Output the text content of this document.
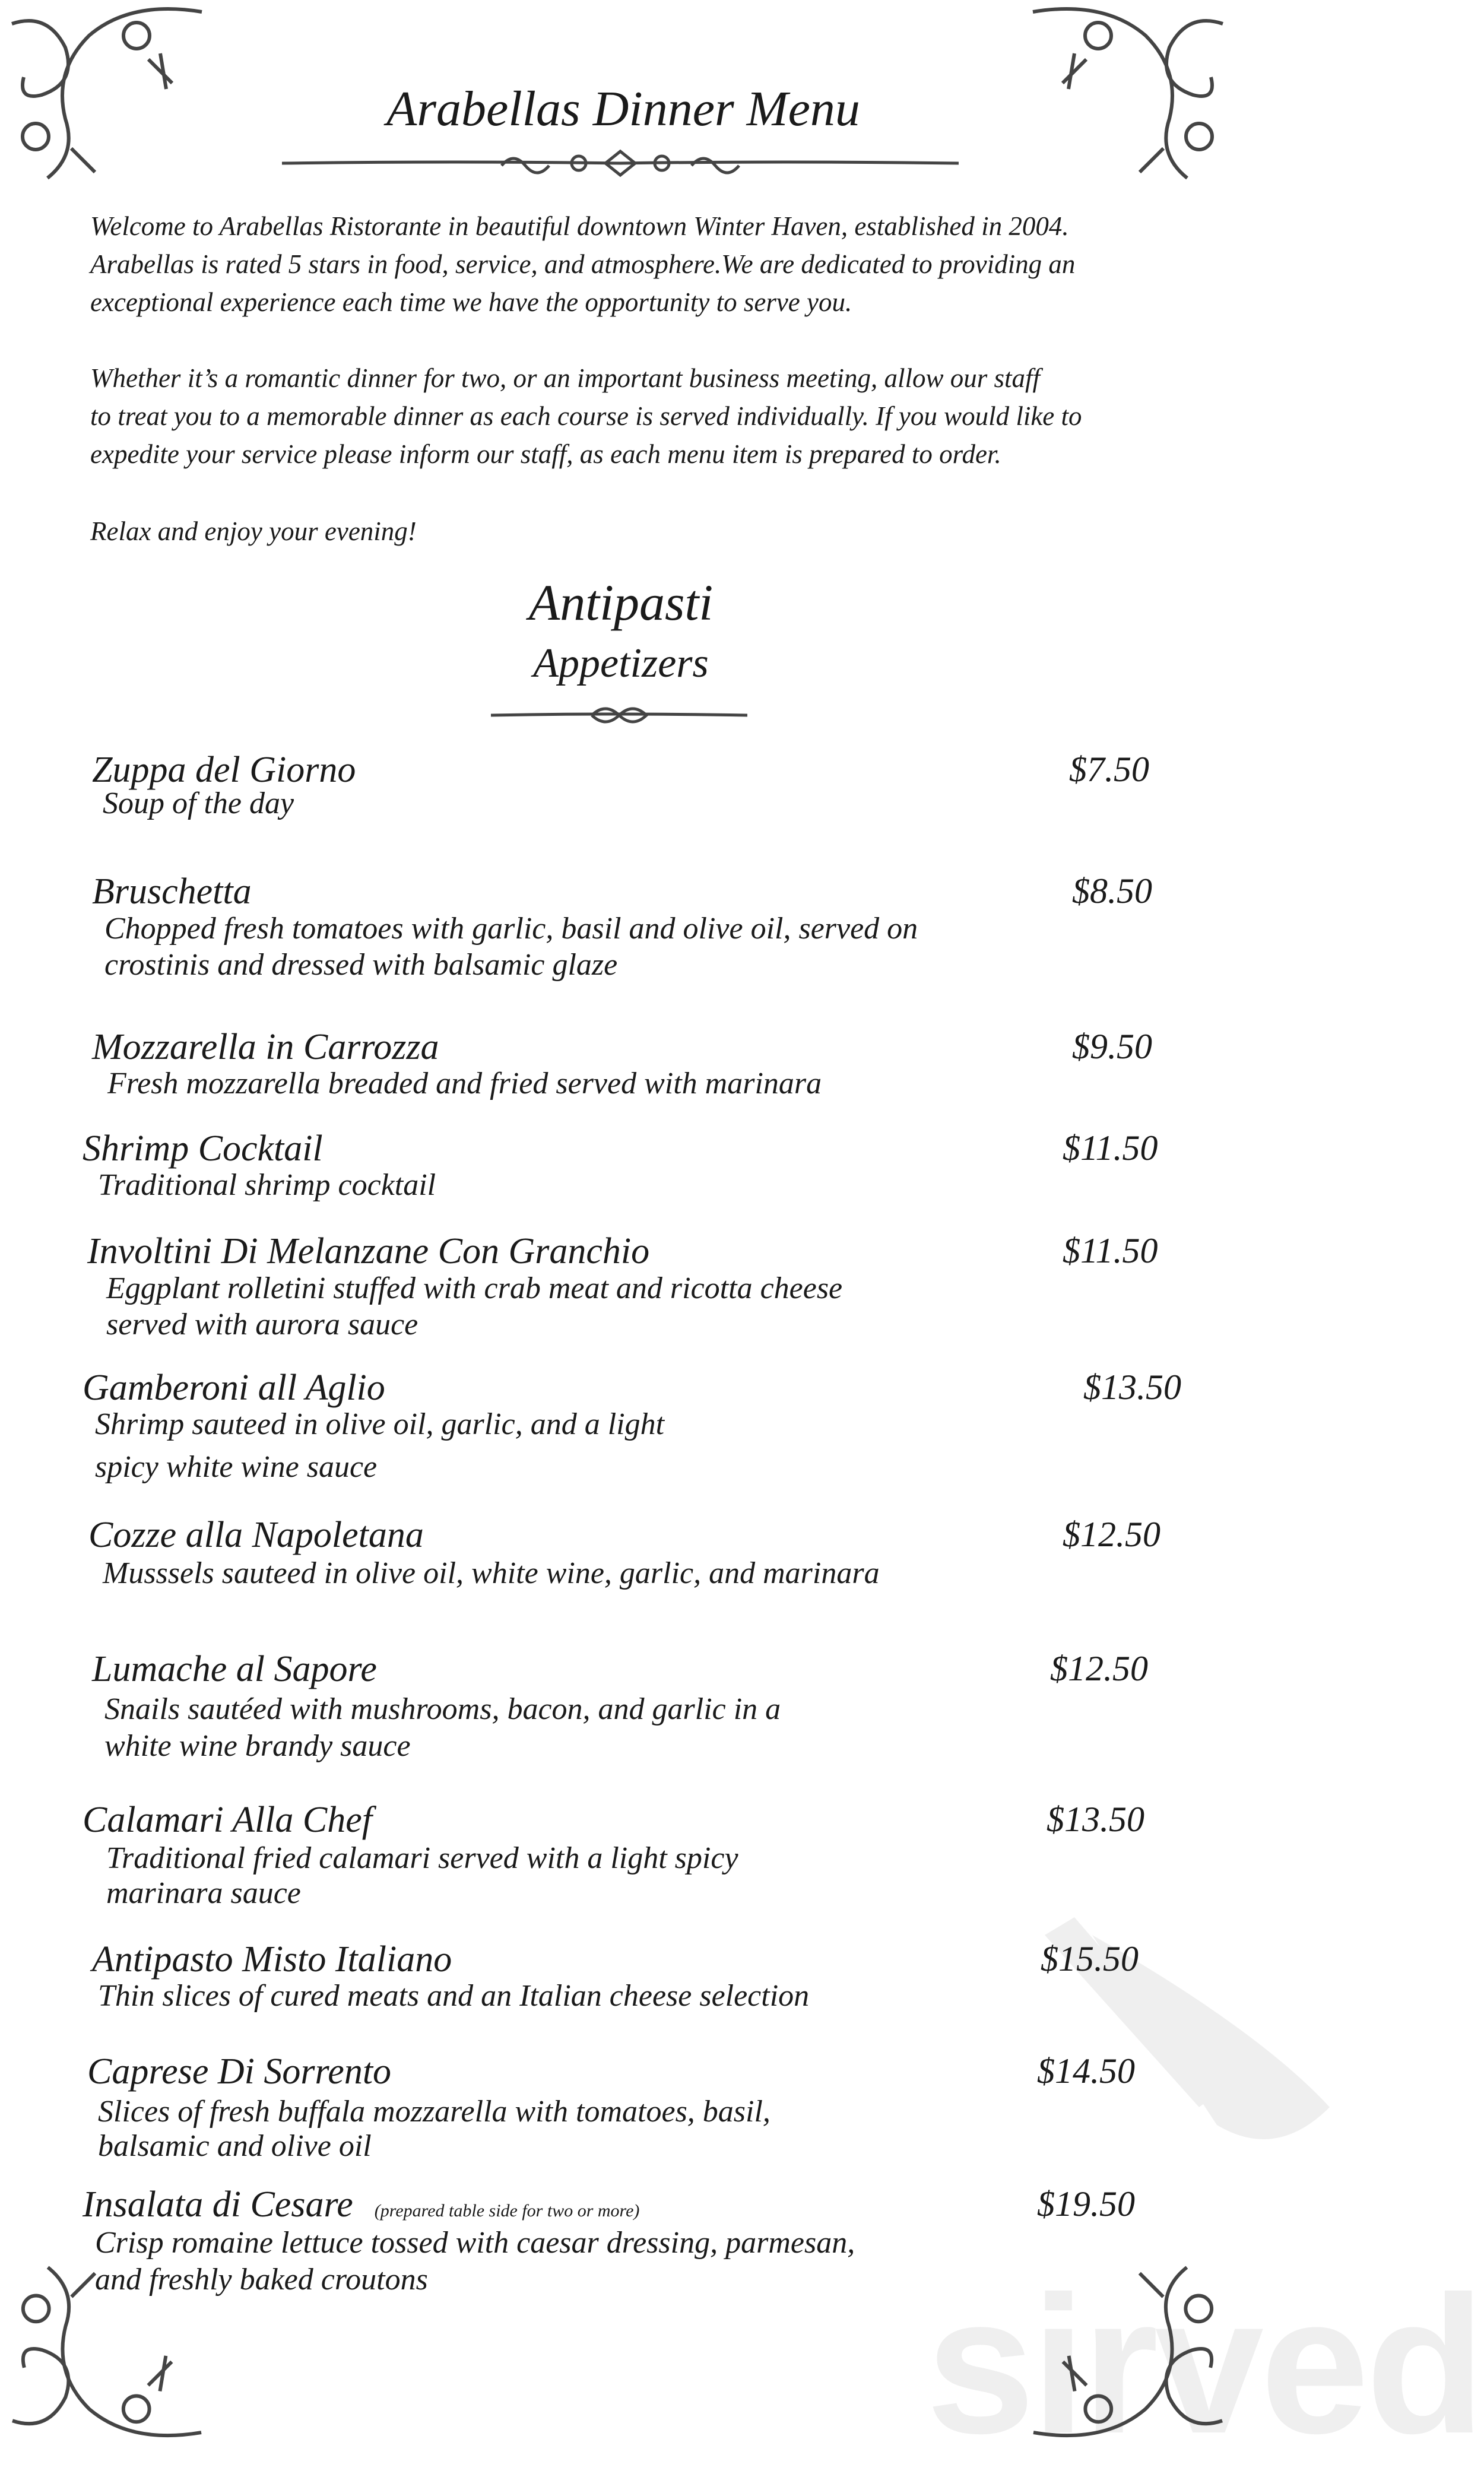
sirved
Arabellas Dinner Menu
Welcome to Arabellas Ristorante in beautiful downtown Winter Haven, established in 2004.
Arabellas is rated 5 stars in food, service, and atmosphere.We are dedicated to providing an
exceptional experience each time we have the opportunity to serve you.
Whether it’s a romantic dinner for two, or an important business meeting, allow our staff
to treat you to a memorable dinner as each course is served individually. If you would like to
expedite your service please inform our staff, as each menu item is prepared to order.
Relax and enjoy your evening!
Antipasti
Appetizers
Zuppa del Giorno	$7.50
Soup of the day
Bruschetta	$8.50
Chopped fresh tomatoes with garlic, basil and olive oil, served on
crostinis and dressed with balsamic glaze
Mozzarella in Carrozza	$9.50
Fresh mozzarella breaded and fried served with marinara
Shrimp Cocktail	$11.50
Traditional shrimp cocktail
Involtini Di Melanzane Con Granchio	$11.50
Eggplant rolletini stuffed with crab meat and ricotta cheese
served with aurora sauce
Gamberoni all Aglio	$13.50
Shrimp sauteed in olive oil, garlic, and a light
spicy white wine sauce
Cozze alla Napoletana	$12.50
Musssels sauteed in olive oil, white wine, garlic, and marinara
Lumache al Sapore	$12.50
Snails sautéed with mushrooms, bacon, and garlic in a
white wine brandy sauce
Calamari Alla Chef	$13.50
Traditional fried calamari served with a light spicy
marinara sauce
Antipasto Misto Italiano	$15.50
Thin slices of cured meats and an Italian cheese selection
Caprese Di Sorrento	$14.50
Slices of fresh buffala mozzarella with tomatoes, basil,
balsamic and olive oil
Insalata di Cesare (prepared table side for two or more)	$19.50
Crisp romaine lettuce tossed with caesar dressing, parmesan,
and freshly baked croutons
